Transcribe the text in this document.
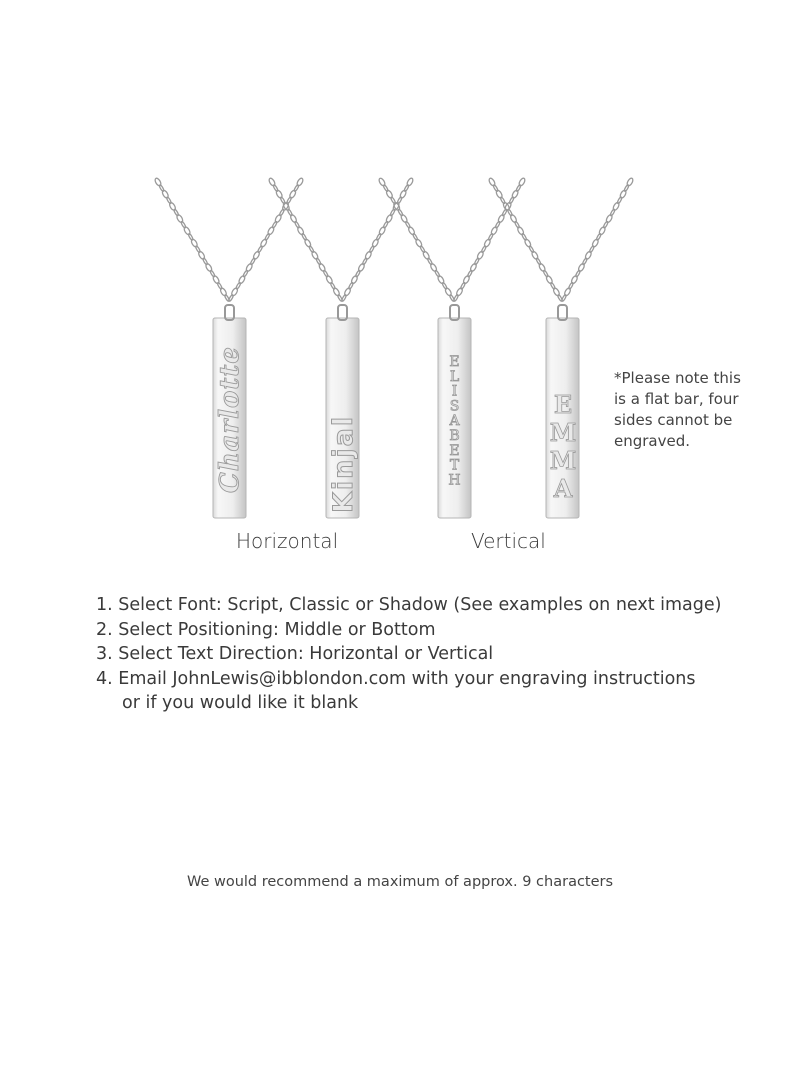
Charlotte	Kinjal
E
L
I
S
A
B
E
T
H
E
M
M
A
*Please note this
is a flat bar, four
sides cannot be
engraved.
Horizontal	Vertical
1. Select Font: Script, Classic or Shadow (See examples on next image)
2. Select Positioning: Middle or Bottom
3. Select Text Direction: Horizontal or Vertical
4. Email JohnLewis@ibblondon.com with your engraving instructions
or if you would like it blank
We would recommend a maximum of approx. 9 characters
